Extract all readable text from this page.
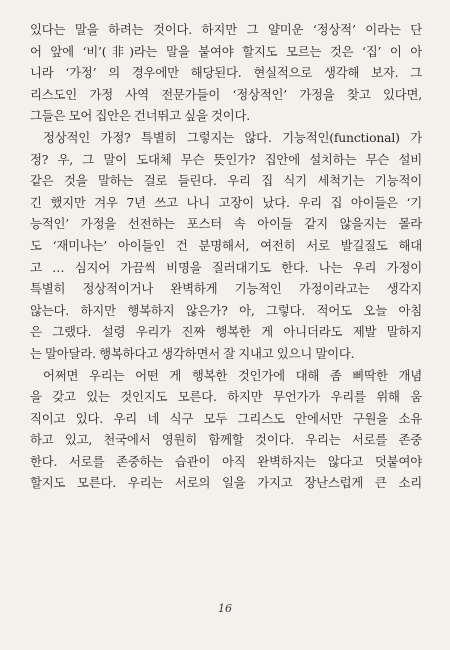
있다는 말을 하려는 것이다. 하지만 그 얄미운 ‘정상적’ 이라는 단
어 앞에 ‘비’(非)라는 말을 붙여야 할지도 모르는 것은 ‘집’ 이 아
니라 ‘가정’ 의 경우에만 해당된다. 현실적으로 생각해 보자. 그
리스도인 가정 사역 전문가들이 ‘정상적인’ 가정을 찾고 있다면,
그들은 모어 집안은 건너뛰고 싶을 것이다.
정상적인 가정? 특별히 그렇지는 않다. 기능적인(functional) 가
정? 우, 그 말이 도대체 무슨 뜻인가? 집안에 설치하는 무슨 설비
같은 것을 말하는 걸로 들린다. 우리 집 식기 세척기는 기능적이
긴 했지만 겨우 7년 쓰고 나니 고장이 났다. 우리 집 아이들은 ‘기
능적인’ 가정을 선전하는 포스터 속 아이들 같지 않을지는 몰라
도 ‘재미나는’ 아이들인 건 분명해서, 여전히 서로 발길질도 해대
고 … 심지어 가끔씩 비명을 질러대기도 한다. 나는 우리 가정이
특별히 정상적이거나 완벽하게 기능적인 가정이라고는 생각지
않는다. 하지만 행복하지 않은가? 아, 그렇다. 적어도 오늘 아침
은 그랬다. 설령 우리가 진짜 행복한 게 아니더라도 제발 말하지
는 말아달라. 행복하다고 생각하면서 잘 지내고 있으니 말이다.
어쩌면 우리는 어떤 게 행복한 것인가에 대해 좀 삐딱한 개념
을 갖고 있는 것인지도 모른다. 하지만 무언가가 우리를 위해 움
직이고 있다. 우리 네 식구 모두 그리스도 안에서만 구원을 소유
하고 있고, 천국에서 영원히 함께할 것이다. 우리는 서로를 존중
한다. 서로를 존중하는 습관이 아직 완벽하지는 않다고 덧붙여야
할지도 모른다. 우리는 서로의 일을 가지고 장난스럽게 큰 소리
16
